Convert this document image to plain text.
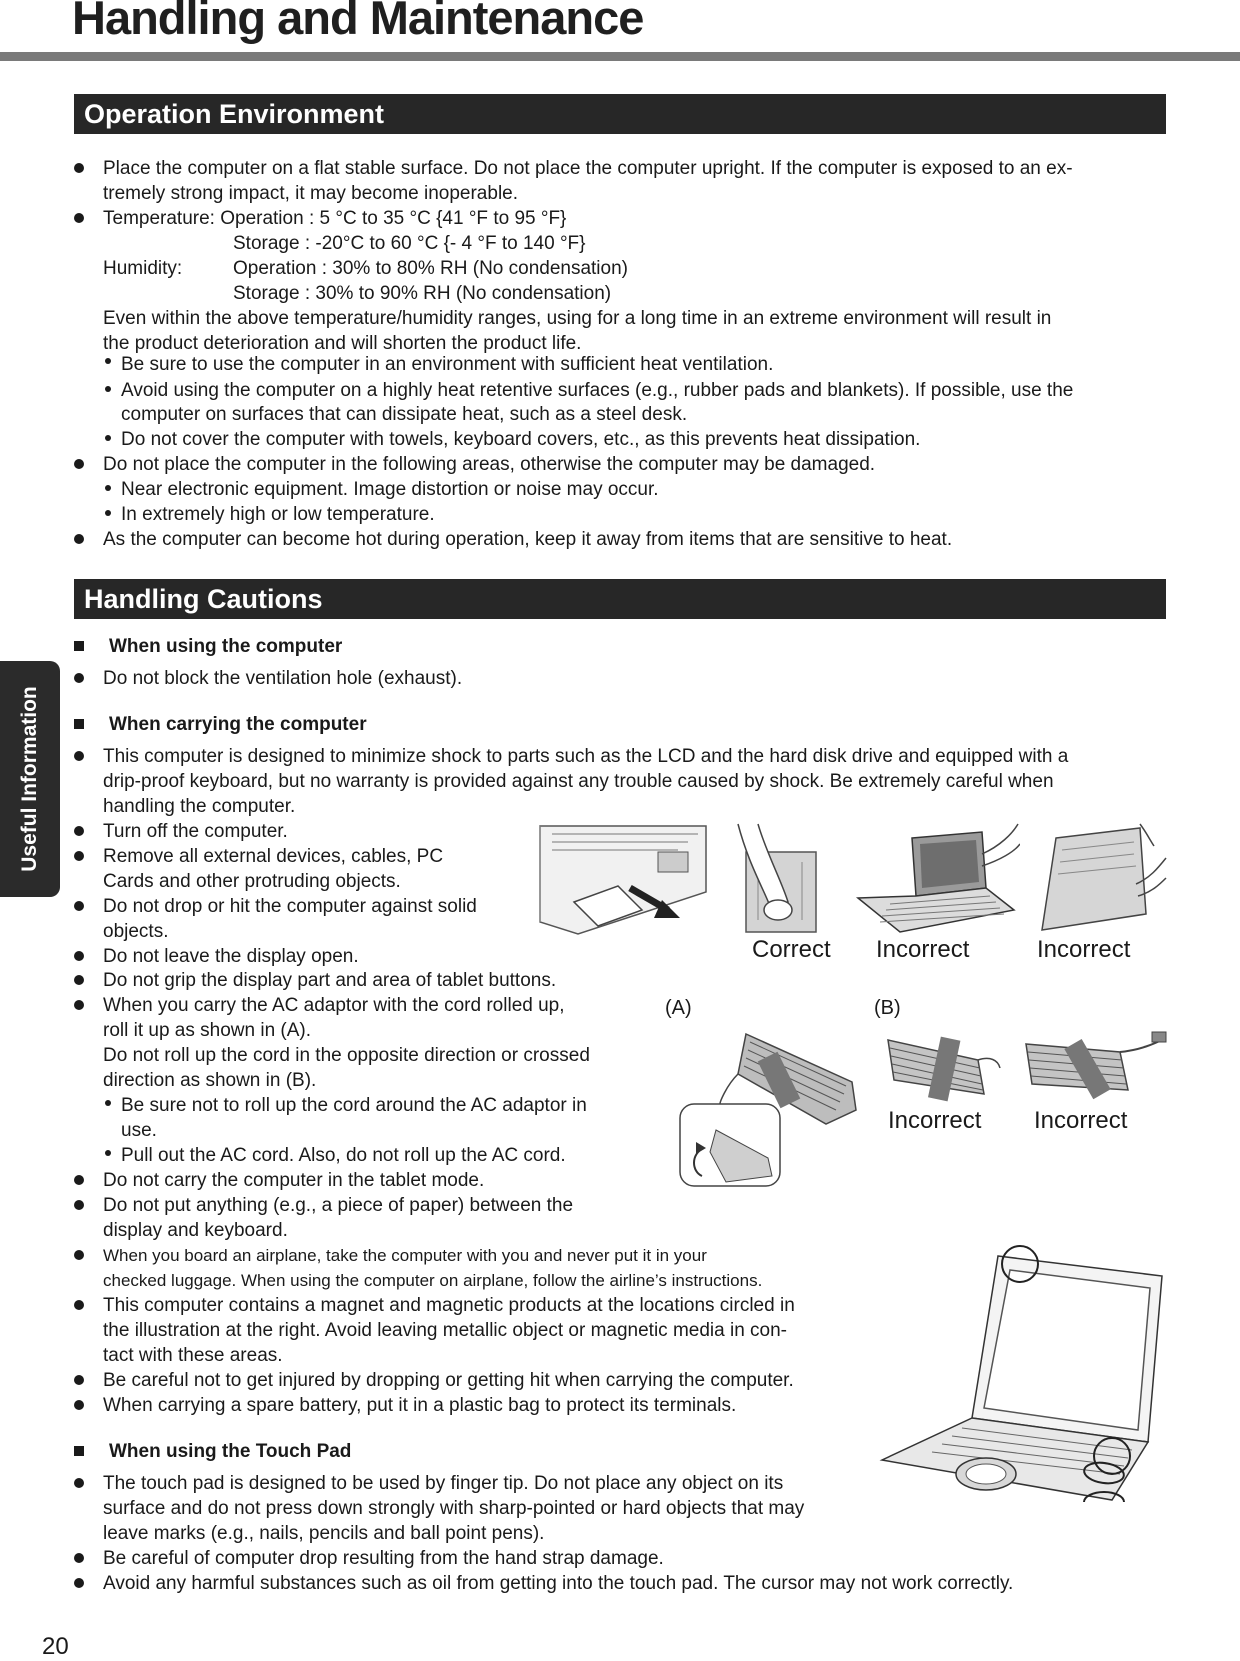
Handling and Maintenance
Useful Information
Operation Environment
Place the computer on a flat stable surface. Do not place the computer upright. If the computer is exposed to an ex-
tremely strong impact, it may become inoperable.
Temperature: Operation : 5 °C to 35 °C {41 °F to 95 °F}
Storage : -20°C to 60 °C {- 4 °F to 140 °F}
Humidity:	Operation : 30% to 80% RH (No condensation)
Storage : 30% to 90% RH (No condensation)
Even within the above temperature/humidity ranges, using for a long time in an extreme environment will result in
the product deterioration and will shorten the product life.
Be sure to use the computer in an environment with sufficient heat ventilation.
Avoid using the computer on a highly heat retentive surfaces (e.g., rubber pads and blankets). If possible, use the
computer on surfaces that can dissipate heat, such as a steel desk.
Do not cover the computer with towels, keyboard covers, etc., as this prevents heat dissipation.
Do not place the computer in the following areas, otherwise the computer may be damaged.
Near electronic equipment. Image distortion or noise may occur.
In extremely high or low temperature.
As the computer can become hot during operation, keep it away from items that are sensitive to heat.
Handling Cautions
When using the computer
Do not block the ventilation hole (exhaust).
When carrying the computer
This computer is designed to minimize shock to parts such as the LCD and the hard disk drive and equipped with a
drip-proof keyboard, but no warranty is provided against any trouble caused by shock. Be extremely careful when
handling the computer.
Turn off the computer.
Remove all external devices, cables, PC
Cards and other protruding objects.
Do not drop or hit the computer against solid
objects.
Do not leave the display open.
Do not grip the display part and area of tablet buttons.
When you carry the AC adaptor with the cord rolled up,
roll it up as shown in (A).
Do not roll up the cord in the opposite direction or crossed
direction as shown in (B).
Be sure not to roll up the cord around the AC adaptor in
use.
Pull out the AC cord. Also, do not roll up the AC cord.
Do not carry the computer in the tablet mode.
Do not put anything (e.g., a piece of paper) between the
display and keyboard.
When you board an airplane, take the computer with you and never put it in your
checked luggage. When using the computer on airplane, follow the airline’s instructions.
This computer contains a magnet and magnetic products at the locations circled in
the illustration at the right. Avoid leaving metallic object or magnetic media in con-
tact with these areas.
Be careful not to get injured by dropping or getting hit when carrying the computer.
When carrying a spare battery, put it in a plastic bag to protect its terminals.
When using the Touch Pad
The touch pad is designed to be used by finger tip. Do not place any object on its
surface and do not press down strongly with sharp-pointed or hard objects that may
leave marks (e.g., nails, pencils and ball point pens).
Be careful of computer drop resulting from the hand strap damage.
Avoid any harmful substances such as oil from getting into the touch pad. The cursor may not work correctly.
Correct Incorrect	Incorrect
(A)	(B)
Incorrect Incorrect
20
